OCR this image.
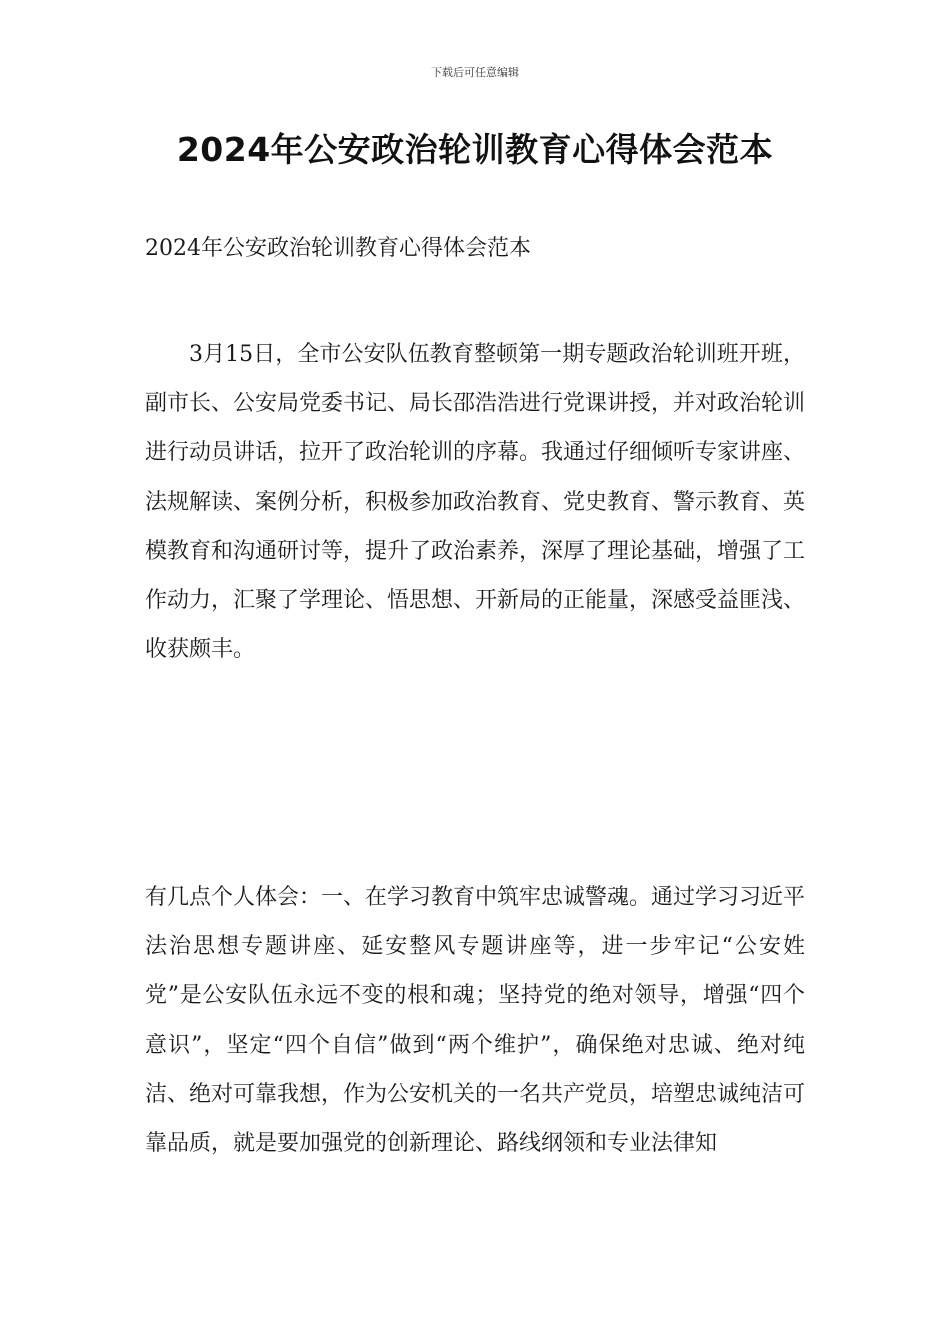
下载后可任意编辑
2024年公安政治轮训教育心得体会范本

2024年公安政治轮训教育心得体会范本

3月15日，全市公安队伍教育整顿第一期专题政治轮训班开班，副市长、公安局党委书记、局长邵浩浩进行党课讲授，并对政治轮训进行动员讲话，拉开了政治轮训的序幕。我通过仔细倾听专家讲座、法规解读、案例分析，积极参加政治教育、党史教育、警示教育、英模教育和沟通研讨等，提升了政治素养，深厚了理论基础，增强了工作动力，汇聚了学理论、悟思想、开新局的正能量，深感受益匪浅、收获颇丰。

有几点个人体会：一、在学习教育中筑牢忠诚警魂。通过学习习近平法治思想专题讲座、延安整风专题讲座等，进一步牢记“公安姓党”是公安队伍永远不变的根和魂；坚持党的绝对领导，增强“四个意识”，坚定“四个自信”做到“两个维护”，确保绝对忠诚、绝对纯洁、绝对可靠我想，作为公安机关的一名共产党员，培塑忠诚纯洁可靠品质，就是要加强党的创新理论、路线纲领和专业法律知
